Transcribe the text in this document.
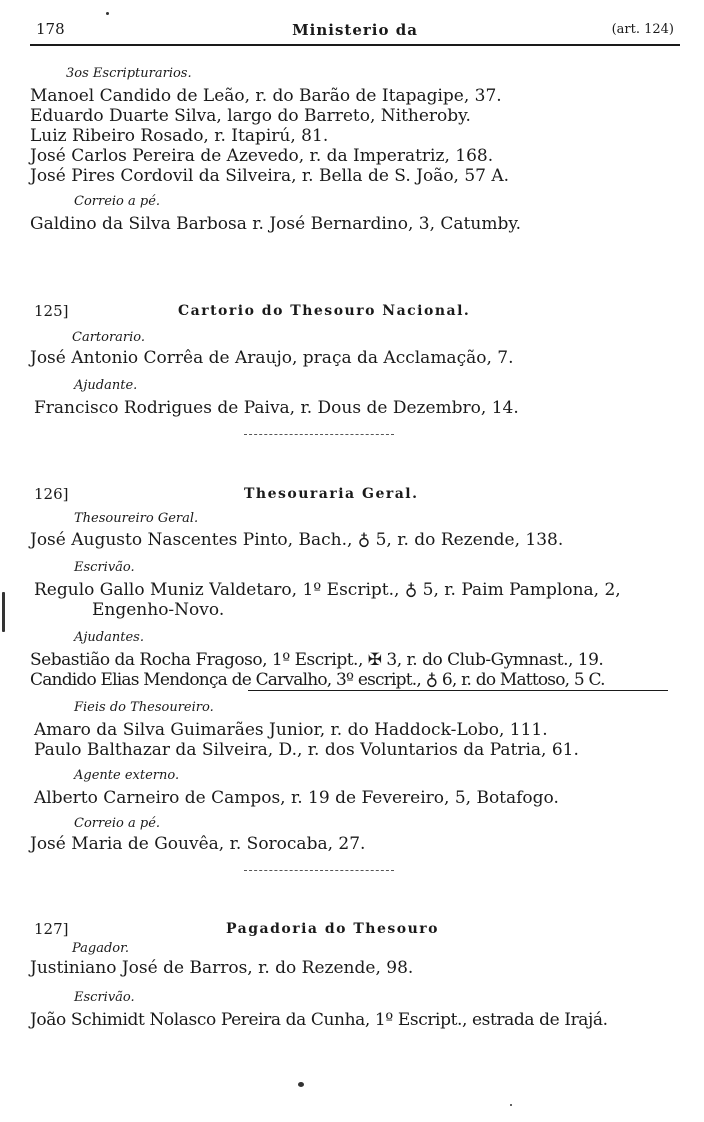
178	Ministerio da	(art. 124)
3os Escripturarios.
Manoel Candido de Leão, r. do Barão de Itapagipe, 37.
Eduardo Duarte Silva, largo do Barreto, Nitheroby.
Luiz Ribeiro Rosado, r. Itapirú, 81.
José Carlos Pereira de Azevedo, r. da Imperatriz, 168.
José Pires Cordovil da Silveira, r. Bella de S. João, 57 A.
Correio a pé.
Galdino da Silva Barbosa r. José Bernardino, 3, Catumby.
125]	Cartorio do Thesouro Nacional.
Cartorario.
José Antonio Corrêa de Araujo, praça da Acclamação, 7.
Ajudante.
Francisco Rodrigues de Paiva, r. Dous de Dezembro, 14.
126]	Thesouraria Geral.
Thesoureiro Geral.
José Augusto Nascentes Pinto, Bach., ♁ 5, r. do Rezende, 138.
Escrivão.
Regulo Gallo Muniz Valdetaro, 1º Escript., ♁ 5, r. Paim Pamplona, 2,
Engenho-Novo.
Ajudantes.
Sebastião da Rocha Fragoso, 1º Escript., ✠ 3, r. do Club-Gymnast., 19.
Candido Elias Mendonça de Carvalho, 3º escript., ♁ 6, r. do Mattoso, 5 C.
Fieis do Thesoureiro.
Amaro da Silva Guimarães Junior, r. do Haddock-Lobo, 111.
Paulo Balthazar da Silveira, D., r. dos Voluntarios da Patria, 61.
Agente externo.
Alberto Carneiro de Campos, r. 19 de Fevereiro, 5, Botafogo.
Correio a pé.
José Maria de Gouvêa, r. Sorocaba, 27.
127]	Pagadoria do Thesouro
Pagador.
Justiniano José de Barros, r. do Rezende, 98.
Escrivão.
João Schimidt Nolasco Pereira da Cunha, 1º Escript., estrada de Irajá.
